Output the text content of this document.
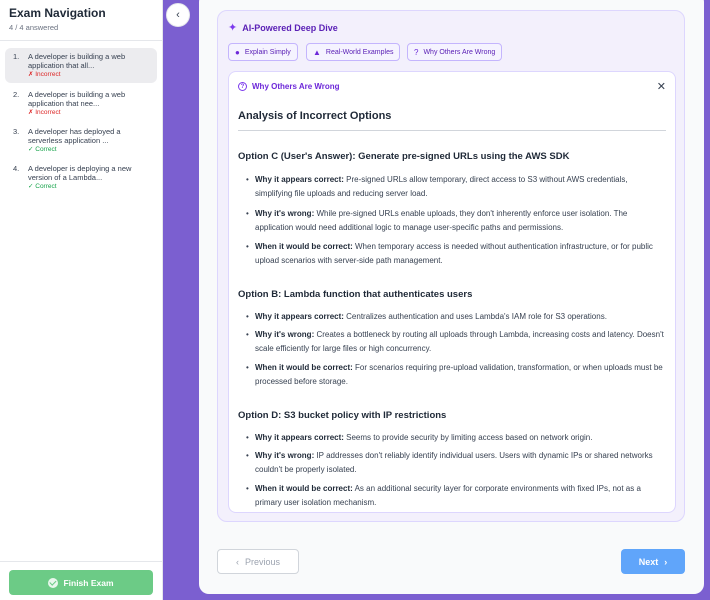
Exam Navigation
4 / 4 answered
1. A developer is building a web application that all...
✗ Incorrect
2. A developer is building a web application that nee...
✗ Incorrect
3. A developer has deployed a serverless application ...
✓ Correct
4. A developer is deploying a new version of a Lambda...
✓ Correct
Finish Exam
‹
✦ AI-Powered Deep Dive
● Explain Simply	▲ Real-World Examples	? Why Others Are Wrong
? Why Others Are Wrong	✕
Analysis of Incorrect Options
Option C (User's Answer): Generate pre-signed URLs using the AWS SDK
• Why it appears correct: Pre-signed URLs allow temporary, direct access to S3 without AWS credentials, simplifying file uploads and reducing server load.
• Why it's wrong: While pre-signed URLs enable uploads, they don't inherently enforce user isolation. The application would need additional logic to manage user-specific paths and permissions.
• When it would be correct: When temporary access is needed without authentication infrastructure, or for public upload scenarios with server-side path management.
Option B: Lambda function that authenticates users
• Why it appears correct: Centralizes authentication and uses Lambda's IAM role for S3 operations.
• Why it's wrong: Creates a bottleneck by routing all uploads through Lambda, increasing costs and latency. Doesn't scale efficiently for large files or high concurrency.
• When it would be correct: For scenarios requiring pre-upload validation, transformation, or when uploads must be processed before storage.
Option D: S3 bucket policy with IP restrictions
• Why it appears correct: Seems to provide security by limiting access based on network origin.
• Why it's wrong: IP addresses don't reliably identify individual users. Users with dynamic IPs or shared networks couldn't be properly isolated.
• When it would be correct: As an additional security layer for corporate environments with fixed IPs, not as a primary user isolation mechanism.
‹ Previous	Next ›
